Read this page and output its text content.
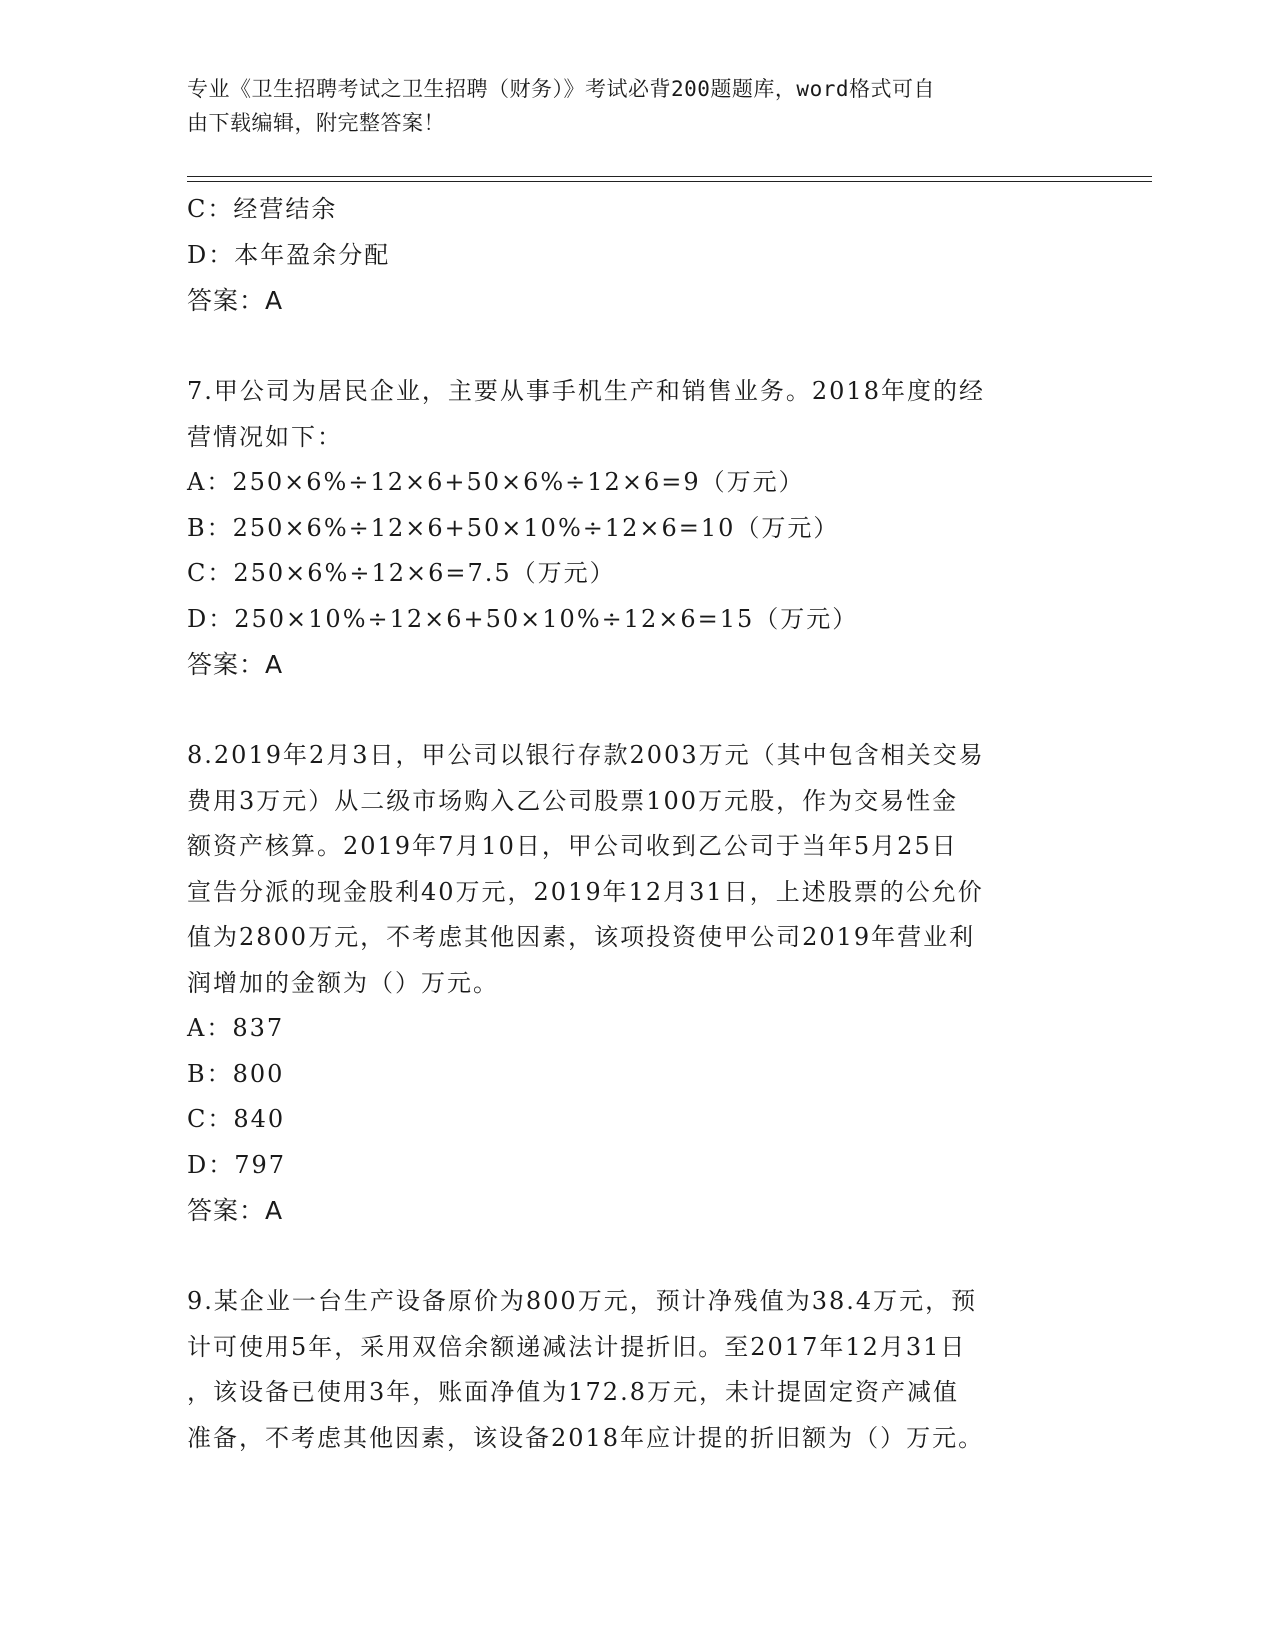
专业《卫生招聘考试之卫生招聘（财务）》考试必背200题题库，word格式可自
由下载编辑，附完整答案！
C：经营结余
D：本年盈余分配
答案：A
7.甲公司为居民企业，主要从事手机生产和销售业务。2018年度的经
营情况如下：
A：250×6%÷12×6+50×6%÷12×6=9（万元）
B：250×6%÷12×6+50×10%÷12×6=10（万元）
C：250×6%÷12×6=7.5（万元）
D：250×10%÷12×6+50×10%÷12×6=15（万元）
答案：A
8.2019年2月3日，甲公司以银行存款2003万元（其中包含相关交易
费用3万元）从二级市场购入乙公司股票100万元股，作为交易性金
额资产核算。2019年7月10日，甲公司收到乙公司于当年5月25日
宣告分派的现金股利40万元，2019年12月31日，上述股票的公允价
值为2800万元，不考虑其他因素，该项投资使甲公司2019年营业利
润增加的金额为（）万元。
A：837
B：800
C：840
D：797
答案：A
9.某企业一台生产设备原价为800万元，预计净残值为38.4万元，预
计可使用5年，采用双倍余额递减法计提折旧。至2017年12月31日
，该设备已使用3年，账面净值为172.8万元，未计提固定资产减值
准备，不考虑其他因素，该设备2018年应计提的折旧额为（）万元。
